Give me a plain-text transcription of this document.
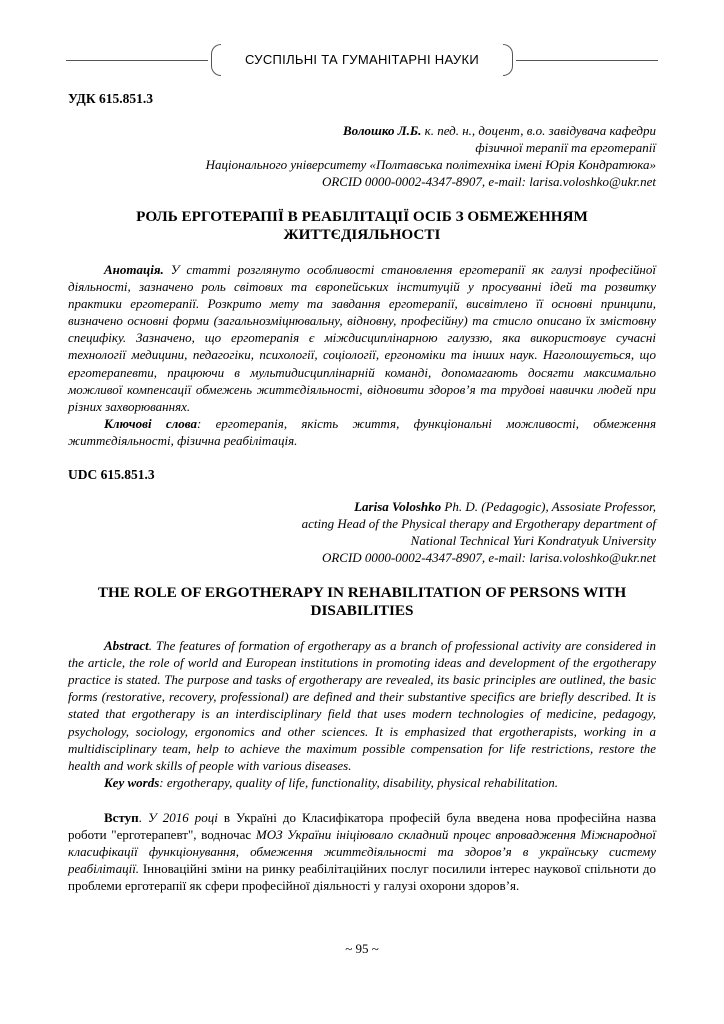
СУСПІЛЬНІ ТА ГУМАНІТАРНІ НАУКИ
УДК 615.851.3
Волошко Л.Б. к. пед. н., доцент, в.о. завідувача кафедри
фізичної терапії та ерготерапії
Національного університету «Полтавська політехніка імені Юрія Кондратюка»
ORCID 0000-0002-4347-8907, e-mail: larisa.voloshko@ukr.net
РОЛЬ ЕРГОТЕРАПІЇ В РЕАБІЛІТАЦІЇ ОСІБ З ОБМЕЖЕННЯМ ЖИТТЄДІЯЛЬНОСТІ

Анотація. У статті розглянуто особливості становлення ерготерапії як галузі професійної діяльності, зазначено роль світових та європейських інституцій у просуванні ідей та розвитку практики ерготерапії. Розкрито мету та завдання ерготерапії, висвітлено її основні принципи, визначено основні форми (загальнозміцнювальну, відновну, професійну) та стисло описано їх змістовну специфіку. Зазначено, що ерготерапія є міждисциплінарною галуззю, яка використовує сучасні технології медицини, педагогіки, психології, соціології, ергономіки та інших наук. Наголошується, що ерготерапевти, працюючи в мультидисциплінарній команді, допомагають досягти максимально можливої компенсації обмежень життєдіяльності, відновити здоров’я та трудові навички людей при різних захворюваннях.

Ключові слова: ерготерапія, якість життя, функціональні можливості, обмеження життєдіяльності, фізична реабілітація.

UDC 615.851.3
Larisa Voloshko Ph. D. (Pedagogic), Assosiate Professor,
acting Head of the Physical therapy and Ergotherapy department of
National Technical Yuri Kondratyuk University
ORCID 0000-0002-4347-8907, e-mail: larisa.voloshko@ukr.net
THE ROLE OF ERGOTHERAPY IN REHABILITATION OF PERSONS WITH DISABILITIES

Abstract. The features of formation of ergotherapy as a branch of professional activity are considered in the article, the role of world and European institutions in promoting ideas and development of the ergotherapy practice is stated. The purpose and tasks of ergotherapy are revealed, its basic principles are outlined, the basic forms (restorative, recovery, professional) are defined and their substantive specifics are briefly described. It is stated that ergotherapy is an interdisciplinary field that uses modern technologies of medicine, pedagogy, psychology, sociology, ergonomics and other sciences. It is emphasized that ergotherapists, working in a multidisciplinary team, help to achieve the maximum possible compensation for life restrictions, restore the health and work skills of people with various diseases.

Key words: ergotherapy, quality of life, functionality, disability, physical rehabilitation.

Вступ. У 2016 році в Україні до Класифікатора професій була введена нова професійна назва роботи "ерготерапевт", водночас МОЗ України ініціювало складний процес впровадження Міжнародної класифікації функціонування, обмеження життєдіяльності та здоров’я в українську систему реабілітації. Інноваційні зміни на ринку реабілітаційних послуг посилили інтерес наукової спільноти до проблеми ерготерапії як сфери професійної діяльності у галузі охорони здоров’я.

~ 95 ~
